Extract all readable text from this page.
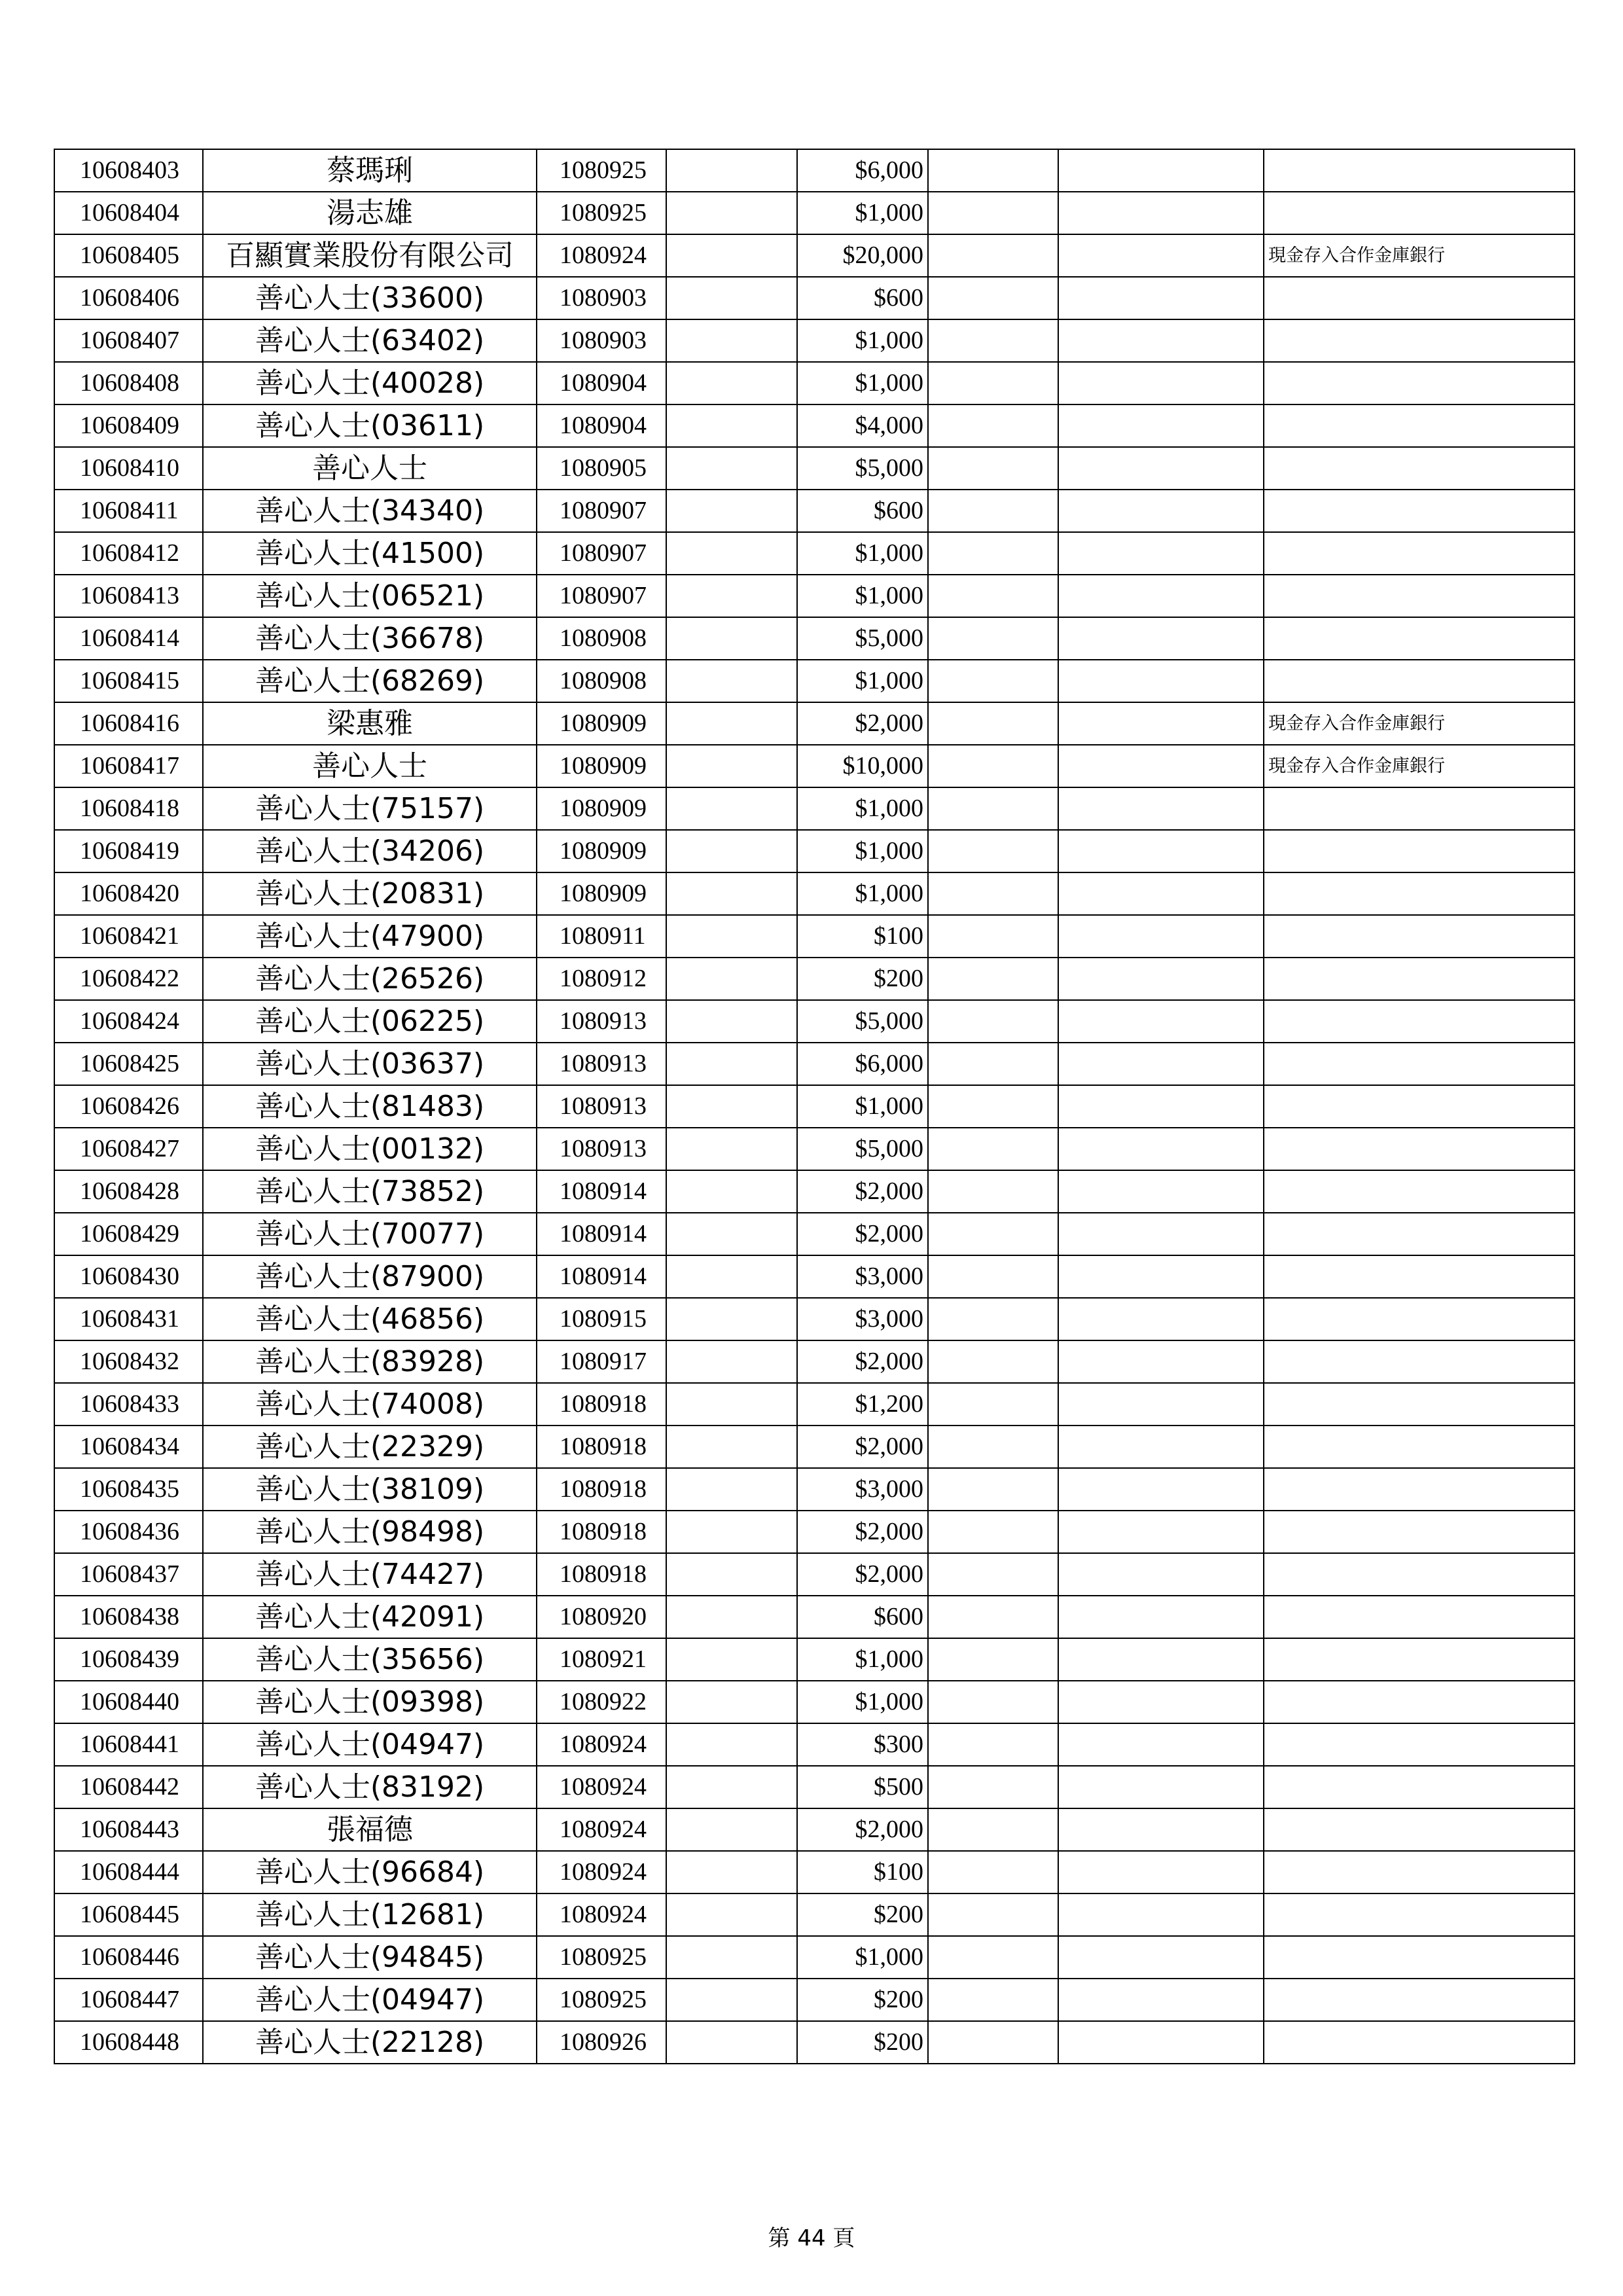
10608403	蔡瑪琍	1080925		$6,000			
10608404	湯志雄	1080925		$1,000			
10608405	百顯實業股份有限公司	1080924		$20,000			現金存入合作金庫銀行
10608406	善心人士(33600)	1080903		$600			
10608407	善心人士(63402)	1080903		$1,000			
10608408	善心人士(40028)	1080904		$1,000			
10608409	善心人士(03611)	1080904		$4,000			
10608410	善心人士	1080905		$5,000			
10608411	善心人士(34340)	1080907		$600			
10608412	善心人士(41500)	1080907		$1,000			
10608413	善心人士(06521)	1080907		$1,000			
10608414	善心人士(36678)	1080908		$5,000			
10608415	善心人士(68269)	1080908		$1,000			
10608416	梁惠雅	1080909		$2,000			現金存入合作金庫銀行
10608417	善心人士	1080909		$10,000			現金存入合作金庫銀行
10608418	善心人士(75157)	1080909		$1,000			
10608419	善心人士(34206)	1080909		$1,000			
10608420	善心人士(20831)	1080909		$1,000			
10608421	善心人士(47900)	1080911		$100			
10608422	善心人士(26526)	1080912		$200			
10608424	善心人士(06225)	1080913		$5,000			
10608425	善心人士(03637)	1080913		$6,000			
10608426	善心人士(81483)	1080913		$1,000			
10608427	善心人士(00132)	1080913		$5,000			
10608428	善心人士(73852)	1080914		$2,000			
10608429	善心人士(70077)	1080914		$2,000			
10608430	善心人士(87900)	1080914		$3,000			
10608431	善心人士(46856)	1080915		$3,000			
10608432	善心人士(83928)	1080917		$2,000			
10608433	善心人士(74008)	1080918		$1,200			
10608434	善心人士(22329)	1080918		$2,000			
10608435	善心人士(38109)	1080918		$3,000			
10608436	善心人士(98498)	1080918		$2,000			
10608437	善心人士(74427)	1080918		$2,000			
10608438	善心人士(42091)	1080920		$600			
10608439	善心人士(35656)	1080921		$1,000			
10608440	善心人士(09398)	1080922		$1,000			
10608441	善心人士(04947)	1080924		$300			
10608442	善心人士(83192)	1080924		$500			
10608443	張福德	1080924		$2,000			
10608444	善心人士(96684)	1080924		$100			
10608445	善心人士(12681)	1080924		$200			
10608446	善心人士(94845)	1080925		$1,000			
10608447	善心人士(04947)	1080925		$200			
10608448	善心人士(22128)	1080926		$200			
第 44 頁
